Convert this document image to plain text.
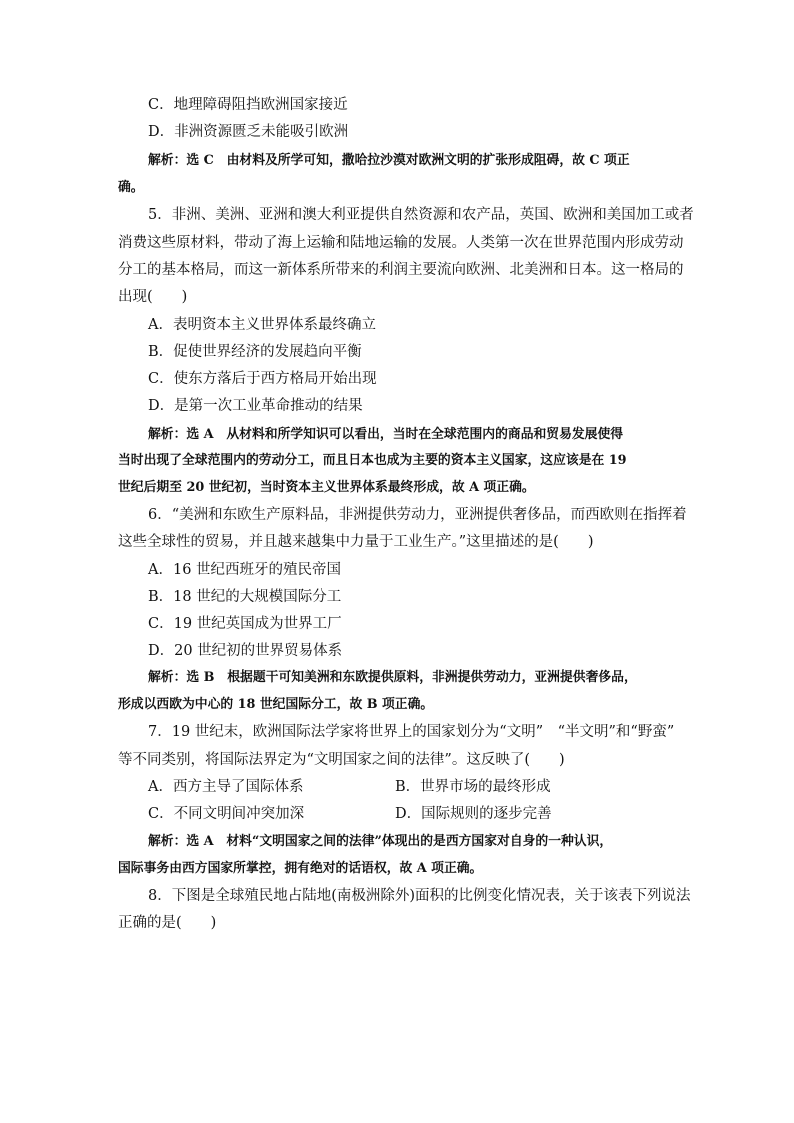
C．地理障碍阻挡欧洲国家接近
D．非洲资源匮乏未能吸引欧洲
解析：选 C　由材料及所学可知，撒哈拉沙漠对欧洲文明的扩张形成阻碍，故 C 项正
确。
5．非洲、美洲、亚洲和澳大利亚提供自然资源和农产品，英国、欧洲和美国加工或者
消费这些原材料，带动了海上运输和陆地运输的发展。人类第一次在世界范围内形成劳动
分工的基本格局，而这一新体系所带来的利润主要流向欧洲、北美洲和日本。这一格局的
出现(　　)
A．表明资本主义世界体系最终确立
B．促使世界经济的发展趋向平衡
C．使东方落后于西方格局开始出现
D．是第一次工业革命推动的结果
解析：选 A　从材料和所学知识可以看出，当时在全球范围内的商品和贸易发展使得
当时出现了全球范围内的劳动分工，而且日本也成为主要的资本主义国家，这应该是在 19
世纪后期至 20 世纪初，当时资本主义世界体系最终形成，故 A 项正确。
6．“美洲和东欧生产原料品，非洲提供劳动力，亚洲提供奢侈品，而西欧则在指挥着
这些全球性的贸易，并且越来越集中力量于工业生产。”这里描述的是(　　)
A．16 世纪西班牙的殖民帝国
B．18 世纪的大规模国际分工
C．19 世纪英国成为世界工厂
D．20 世纪初的世界贸易体系
解析：选 B　根据题干可知美洲和东欧提供原料，非洲提供劳动力，亚洲提供奢侈品，
形成以西欧为中心的 18 世纪国际分工，故 B 项正确。
7．19 世纪末，欧洲国际法学家将世界上的国家划分为“文明”　“半文明”和“野蛮”
等不同类别，将国际法界定为“文明国家之间的法律”。这反映了(　　)
A．西方主导了国际体系	B．世界市场的最终形成
C．不同文明间冲突加深	D．国际规则的逐步完善
解析：选 A　材料“文明国家之间的法律”体现出的是西方国家对自身的一种认识，
国际事务由西方国家所掌控，拥有绝对的话语权，故 A 项正确。
8．下图是全球殖民地占陆地(南极洲除外)面积的比例变化情况表，关于该表下列说法
正确的是(　　)
